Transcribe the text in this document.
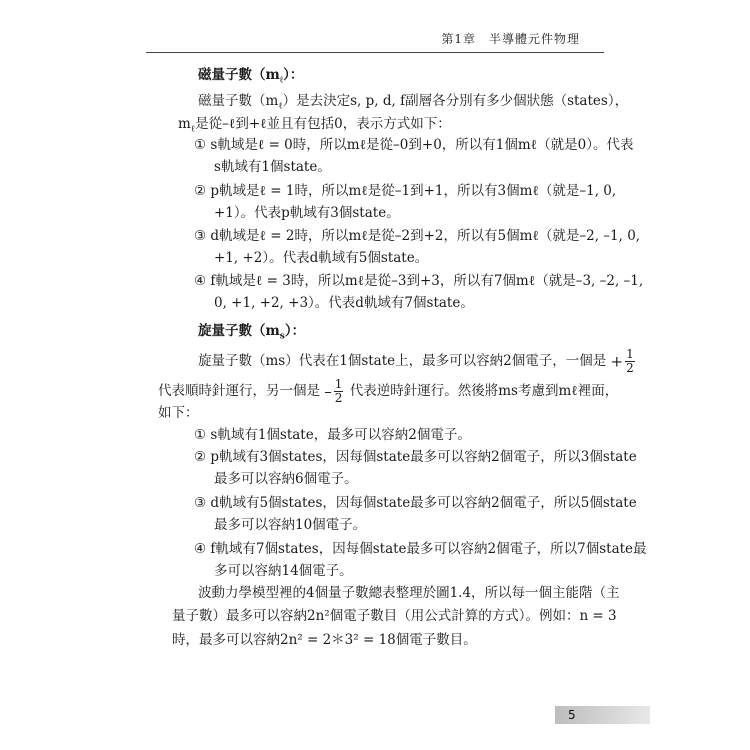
第1章　半導體元件物理
磁量子數$(m_\ell)$：
磁量子數$(m_\ell)$是去決定s, p, d, f副層各分別有多少個狀態（states），
$m_\ell$是從–ℓ到+ℓ並且有包括0，表示方式如下：
① s軌域是ℓ = 0時，所以mℓ是從–0到+0，所以有1個mℓ（就是0）。代表
s軌域有1個state。
② p軌域是ℓ = 1時，所以mℓ是從–1到+1，所以有3個mℓ（就是–1, 0,
+1）。代表p軌域有3個state。
③ d軌域是ℓ = 2時，所以mℓ是從–2到+2，所以有5個mℓ（就是–2, –1, 0,
+1, +2）。代表d軌域有5個state。
④ f軌域是ℓ = 3時，所以mℓ是從–3到+3，所以有7個mℓ（就是–3, –2, –1,
0, +1, +2, +3）。代表d軌域有7個state。
旋量子數$(m_s)$：
旋量子數（ms）代表在1個state上，最多可以容納2個電子，一個是 + $\frac{1}{2}$
代表順時針運行，另一個是 – $\frac{1}{2}$ 代表逆時針運行。然後將ms考慮到mℓ裡面，
如下：
① s軌域有1個state，最多可以容納2個電子。
② p軌域有3個states，因每個state最多可以容納2個電子，所以3個state
最多可以容納6個電子。
③ d軌域有5個states，因每個state最多可以容納2個電子，所以5個state
最多可以容納10個電子。
④ f軌域有7個states，因每個state最多可以容納2個電子，所以7個state最
多可以容納14個電子。
波動力學模型裡的4個量子數總表整理於圖1.4，所以每一個主能階（主
量子數）最多可以容納2n²個電子數目（用公式計算的方式）。例如：n = 3
時，最多可以容納2n² = 2＊3² = 18個電子數目。
5
